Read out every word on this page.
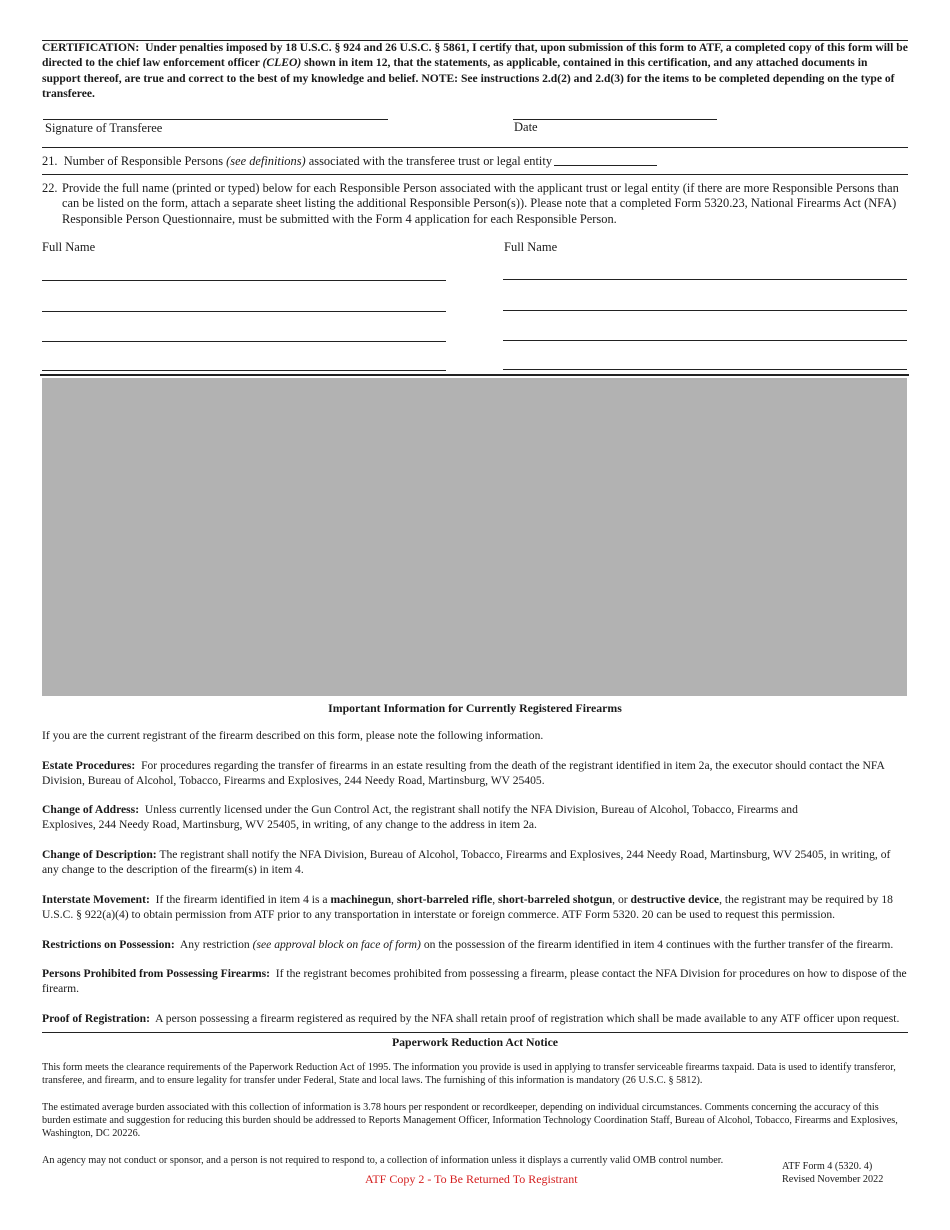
CERTIFICATION: Under penalties imposed by 18 U.S.C. § 924 and 26 U.S.C. § 5861, I certify that, upon submission of this form to ATF, a completed copy of this form will be directed to the chief law enforcement officer (CLEO) shown in item 12, that the statements, as applicable, contained in this certification, and any attached documents in support thereof, are true and correct to the best of my knowledge and belief. NOTE: See instructions 2.d(2) and 2.d(3) for the items to be completed depending on the type of transferee.
Signature of Transferee	Date
21. Number of Responsible Persons (see definitions) associated with the transferee trust or legal entity
22. Provide the full name (printed or typed) below for each Responsible Person associated with the applicant trust or legal entity (if there are more Responsible Persons than can be listed on the form, attach a separate sheet listing the additional Responsible Person(s)). Please note that a completed Form 5320.23, National Firearms Act (NFA) Responsible Person Questionnaire, must be submitted with the Form 4 application for each Responsible Person.
Full Name	Full Name
Important Information for Currently Registered Firearms
If you are the current registrant of the firearm described on this form, please note the following information.
Estate Procedures: For procedures regarding the transfer of firearms in an estate resulting from the death of the registrant identified in item 2a, the executor should contact the NFA Division, Bureau of Alcohol, Tobacco, Firearms and Explosives, 244 Needy Road, Martinsburg, WV 25405.
Change of Address: Unless currently licensed under the Gun Control Act, the registrant shall notify the NFA Division, Bureau of Alcohol, Tobacco, Firearms and
Explosives, 244 Needy Road, Martinsburg, WV 25405, in writing, of any change to the address in item 2a.
Change of Description: The registrant shall notify the NFA Division, Bureau of Alcohol, Tobacco, Firearms and Explosives, 244 Needy Road, Martinsburg, WV 25405, in writing, of any change to the description of the firearm(s) in item 4.
Interstate Movement: If the firearm identified in item 4 is a machinegun, short-barreled rifle, short-barreled shotgun, or destructive device, the registrant may be required by 18 U.S.C. § 922(a)(4) to obtain permission from ATF prior to any transportation in interstate or foreign commerce. ATF Form 5320. 20 can be used to request this permission.
Restrictions on Possession: Any restriction (see approval block on face of form) on the possession of the firearm identified in item 4 continues with the further transfer of the firearm.
Persons Prohibited from Possessing Firearms: If the registrant becomes prohibited from possessing a firearm, please contact the NFA Division for procedures on how to dispose of the firearm.
Proof of Registration: A person possessing a firearm registered as required by the NFA shall retain proof of registration which shall be made available to any ATF officer upon request.
Paperwork Reduction Act Notice
This form meets the clearance requirements of the Paperwork Reduction Act of 1995. The information you provide is used in applying to transfer serviceable firearms taxpaid. Data is used to identify transferor, transferee, and firearm, and to ensure legality for transfer under Federal, State and local laws. The furnishing of this information is mandatory (26 U.S.C. § 5812).
The estimated average burden associated with this collection of information is 3.78 hours per respondent or recordkeeper, depending on individual circumstances. Comments concerning the accuracy of this burden estimate and suggestion for reducing this burden should be addressed to Reports Management Officer, Information Technology Coordination Staff, Bureau of Alcohol, Tobacco, Firearms and Explosives, Washington, DC 20226.
An agency may not conduct or sponsor, and a person is not required to respond to, a collection of information unless it displays a currently valid OMB control number.
ATF Copy 2 - To Be Returned To Registrant
ATF Form 4 (5320. 4)
Revised November 2022
